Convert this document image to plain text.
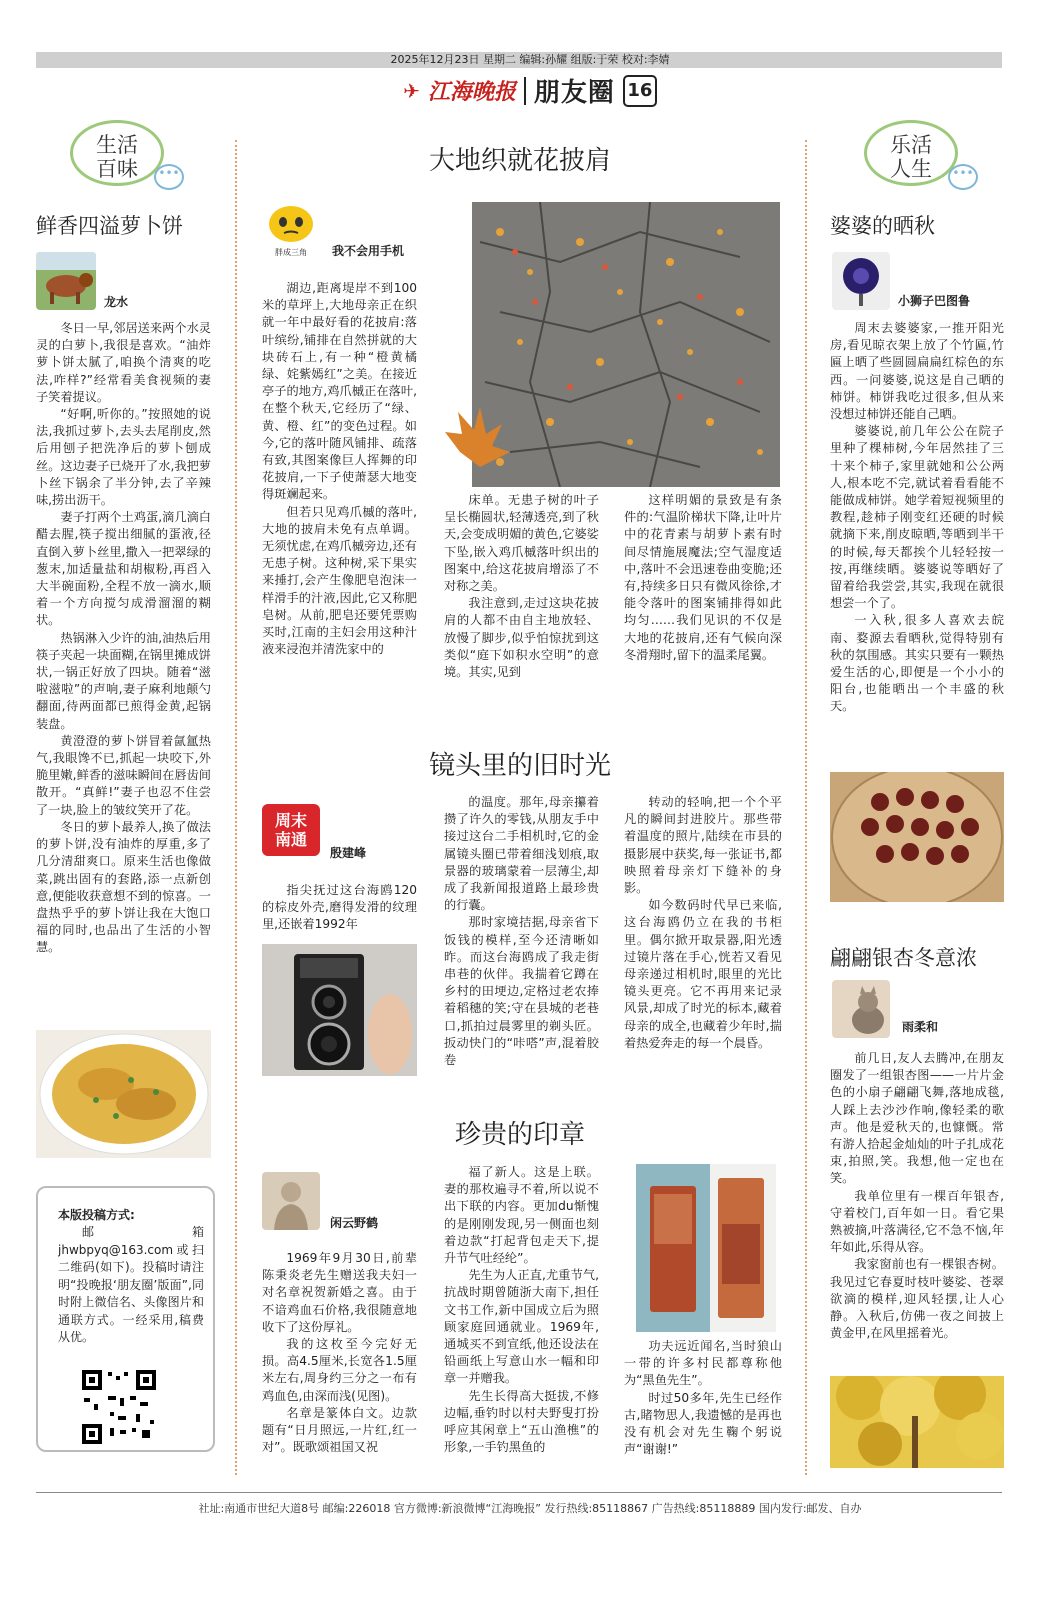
2025年12月23日 星期二 编辑:孙耀 组版:于荣 校对:李婧
✈ 江海晚报 朋友圈 16
生活
百味	•••
鲜香四溢萝卜饼
龙水

冬日一早,邻居送来两个水灵灵的白萝卜,我很是喜欢。“油炸萝卜饼太腻了,咱换个清爽的吃法,咋样?”经常看美食视频的妻子笑着提议。

“好啊,听你的。”按照她的说法,我抓过萝卜,去头去尾削皮,然后用刨子把洗净后的萝卜刨成丝。这边妻子已烧开了水,我把萝卜丝下锅余了半分钟,去了辛辣味,捞出沥干。

妻子打两个土鸡蛋,滴几滴白醋去腥,筷子搅出细腻的蛋液,径直倒入萝卜丝里,撒入一把翠绿的葱末,加适量盐和胡椒粉,再舀入大半碗面粉,全程不放一滴水,顺着一个方向搅匀成滑溜溜的糊状。

热锅淋入少许的油,油热后用筷子夹起一块面糊,在锅里摊成饼状,一锅正好放了四块。随着“滋啦滋啦”的声响,妻子麻利地颠勺翻面,待两面都已煎得金黄,起锅装盘。

黄澄澄的萝卜饼冒着氤氲热气,我眼馋不已,抓起一块咬下,外脆里嫩,鲜香的滋味瞬间在唇齿间散开。“真鲜!”妻子也忍不住尝了一块,脸上的皱纹笑开了花。

冬日的萝卜最养人,换了做法的萝卜饼,没有油炸的厚重,多了几分清甜爽口。原来生活也像做菜,跳出固有的套路,添一点新创意,便能收获意想不到的惊喜。一盘热乎乎的萝卜饼让我在大饱口福的同时,也品出了生活的小智慧。

本版投稿方式:
邮箱jhwbpyq@163.com或扫二维码(如下)。投稿时请注明“投晚报‘朋友圈’版面”,同时附上微信名、头像图片和通联方式。一经采用,稿费从优。
大地织就花披肩
胖成三角	我不会用手机

湖边,距离堤岸不到100米的草坪上,大地母亲正在织就一年中最好看的花披肩:落叶缤纷,铺排在自然拼就的大块砖石上,有一种“橙黄橘绿、姹紫嫣红”之美。在接近亭子的地方,鸡爪槭正在落叶,在整个秋天,它经历了“绿、黄、橙、红”的变色过程。如今,它的落叶随风铺排、疏落有致,其图案像巨人挥舞的印花披肩,一下子使萧瑟大地变得斑斓起来。

但若只见鸡爪槭的落叶,大地的披肩未免有点单调。无须忧虑,在鸡爪槭旁边,还有无患子树。这种树,采下果实来捶打,会产生像肥皂泡沫一样滑手的汁液,因此,它又称肥皂树。从前,肥皂还要凭票购买时,江南的主妇会用这种汁液来浸泡并清洗家中的

床单。无患子树的叶子呈长椭圆状,轻薄透亮,到了秋天,会变成明媚的黄色,它婆娑下坠,嵌入鸡爪槭落叶织出的图案中,给这花披肩增添了不对称之美。

我注意到,走过这块花披肩的人都不由自主地放轻、放慢了脚步,似乎怕惊扰到这类似“庭下如积水空明”的意境。其实,见到

这样明媚的景致是有条件的:气温阶梯状下降,让叶片中的花青素与胡萝卜素有时间尽情施展魔法;空气湿度适中,落叶不会迅速卷曲变脆;还有,持续多日只有微风徐徐,才能令落叶的图案铺排得如此均匀……我们见识的不仅是大地的花披肩,还有气候向深冬滑翔时,留下的温柔尾翼。

镜头里的旧时光
周末
南通
殷建峰

指尖抚过这台海鸥120的棕皮外壳,磨得发滑的纹理里,还嵌着1992年

的温度。那年,母亲攥着攒了许久的零钱,从朋友手中接过这台二手相机时,它的金属镜头圈已带着细浅划痕,取景器的玻璃蒙着一层薄尘,却成了我新闻报道路上最珍贵的行囊。

那时家境拮据,母亲省下饭钱的模样,至今还清晰如昨。而这台海鸥成了我走街串巷的伙伴。我揣着它蹲在乡村的田埂边,定格过老农捧着稻穗的笑;守在县城的老巷口,抓拍过晨雾里的剃头匠。扳动快门的“咔嗒”声,混着胶卷

转动的轻响,把一个个平凡的瞬间封进胶片。那些带着温度的照片,陆续在市县的摄影展中获奖,每一张证书,都映照着母亲灯下缝补的身影。

如今数码时代早已来临,这台海鸥仍立在我的书柜里。偶尔掀开取景器,阳光透过镜片落在手心,恍若又看见母亲递过相机时,眼里的光比镜头更亮。它不再用来记录风景,却成了时光的标本,藏着母亲的成全,也藏着少年时,揣着热爱奔走的每一个晨昏。

珍贵的印章
闲云野鹤

1969年9月30日,前辈陈秉炎老先生赠送我夫妇一对名章祝贺新婚之喜。由于不谙鸡血石价格,我很随意地收下了这份厚礼。

我的这枚至今完好无损。高4.5厘米,长宽各1.5厘米左右,周身约三分之一布有鸡血色,由深而浅(见图)。

名章是篆体白文。边款题有“日月照远,一片红,红一对”。既歌颂祖国又祝

福了新人。这是上联。妻的那枚遍寻不着,所以说不出下联的内容。更加du惭愧的是刚刚发现,另一侧面也刻着边款“打起背包走天下,提升节气吐经纶”。

先生为人正直,尤重节气,抗战时期曾随浙大南下,担任文书工作,新中国成立后为照顾家庭回通就业。1969年,通城买不到宣纸,他还设法在铅画纸上写意山水一幅和印章一并赠我。

先生长得高大挺拔,不修边幅,垂钓时以村夫野叟打扮呼应其闲章上“五山渔樵”的形象,一手钓黑鱼的

功夫远近闻名,当时狼山一带的许多村民都尊称他为“黑鱼先生”。

时过50多年,先生已经作古,睹物思人,我遗憾的是再也没有机会对先生鞠个躬说声“谢谢!”

乐活
人生	•••
婆婆的晒秋
小狮子巴图鲁

周末去婆婆家,一推开阳光房,看见晾衣架上放了个竹匾,竹匾上晒了些圆圆扁扁红棕色的东西。一问婆婆,说这是自己晒的柿饼。柿饼我吃过很多,但从来没想过柿饼还能自己晒。

婆婆说,前几年公公在院子里种了棵柿树,今年居然挂了三十来个柿子,家里就她和公公两人,根本吃不完,就试着看看能不能做成柿饼。她学着短视频里的教程,趁柿子刚变红还硬的时候就摘下来,削皮晾晒,等晒到半干的时候,每天都挨个儿轻轻按一按,再继续晒。婆婆说等晒好了留着给我尝尝,其实,我现在就很想尝一个了。

一入秋,很多人喜欢去皖南、婺源去看晒秋,觉得特别有秋的氛围感。其实只要有一颗热爱生活的心,即便是一个小小的阳台,也能晒出一个丰盛的秋天。

翩翩银杏冬意浓
雨柔和

前几日,友人去腾冲,在朋友圈发了一组银杏图——一片片金色的小扇子翩翩飞舞,落地成毯,人踩上去沙沙作响,像轻柔的歌声。他是爱秋天的,也慷慨。常有游人拾起金灿灿的叶子扎成花束,拍照,笑。我想,他一定也在笑。

我单位里有一棵百年银杏,守着校门,百年如一日。看它果熟被摘,叶落满径,它不急不恼,年年如此,乐得从容。

我家窗前也有一棵银杏树。我见过它春夏时枝叶婆娑、苍翠欲滴的模样,迎风轻摆,让人心静。入秋后,仿佛一夜之间披上黄金甲,在风里摇着光。

社址:南通市世纪大道8号 邮编:226018 官方微博:新浪微博“江海晚报” 发行热线:85118867 广告热线:85118889 国内发行:邮发、自办
